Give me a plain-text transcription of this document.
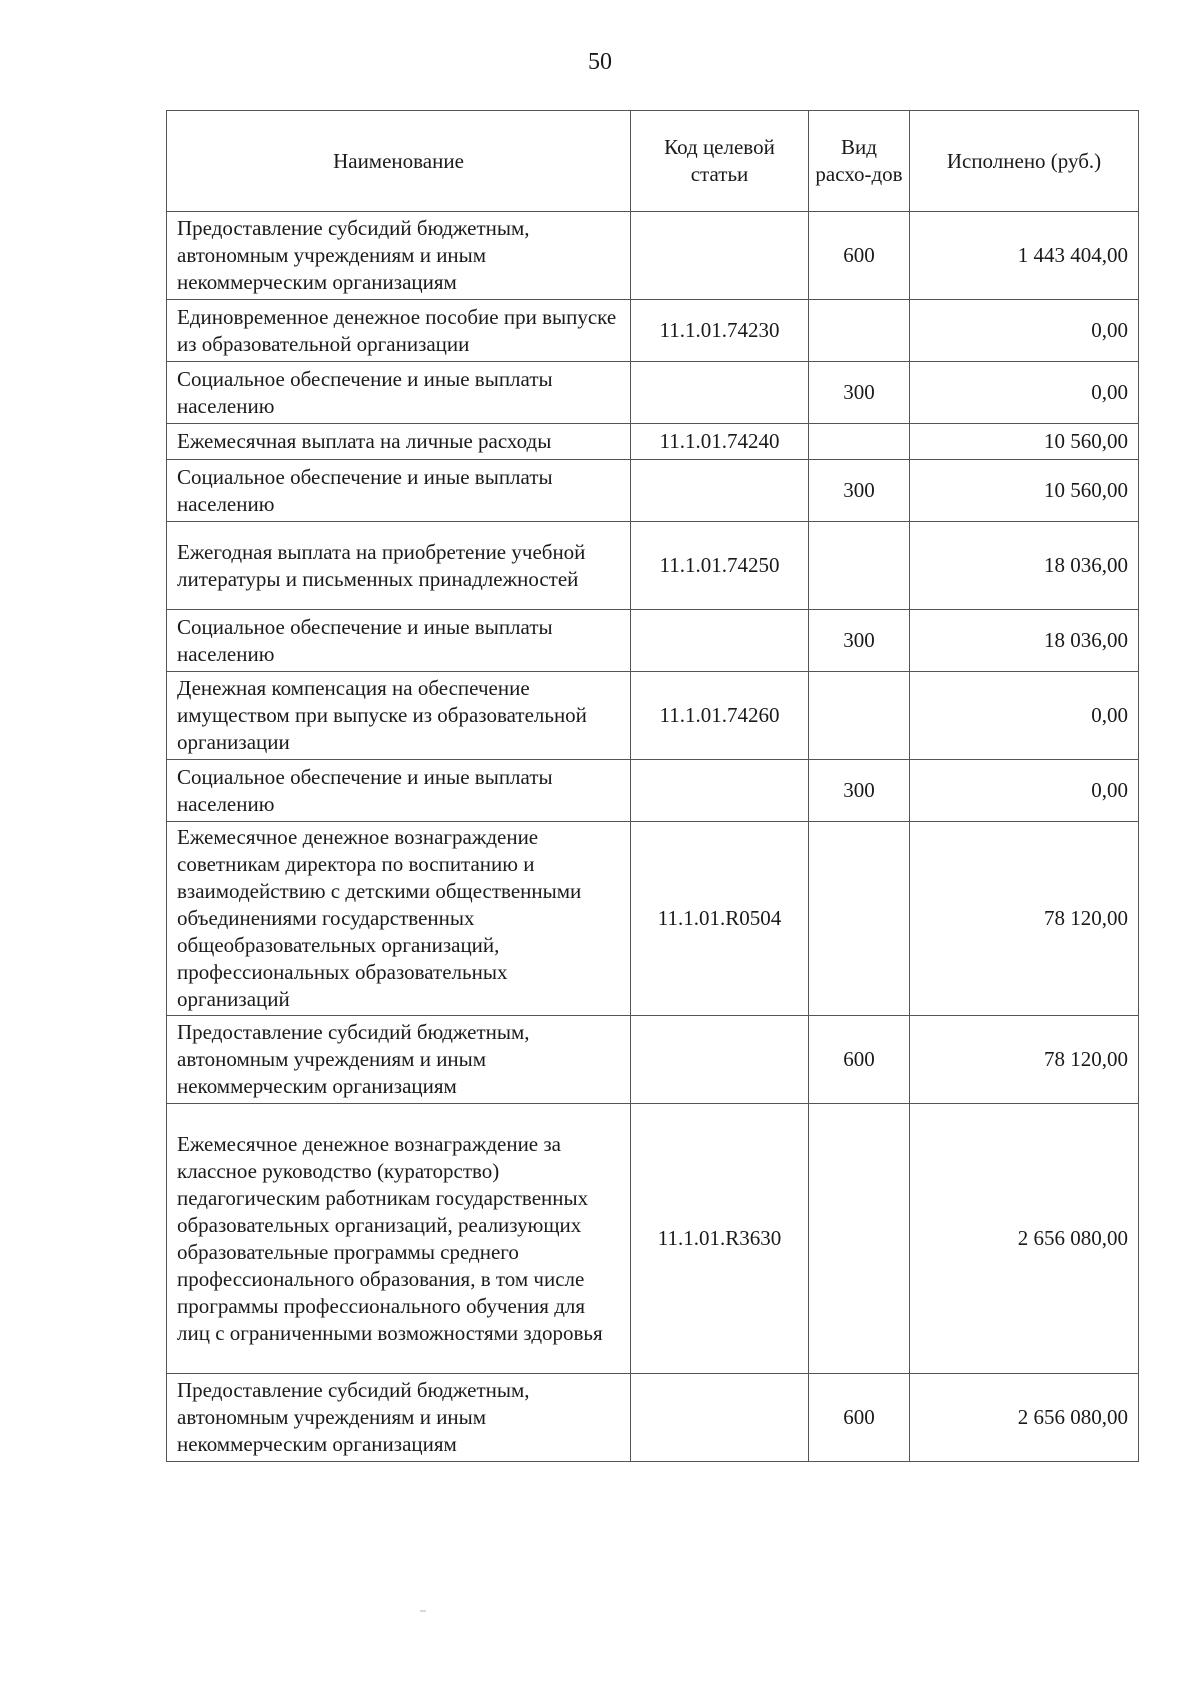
50
Наименование	Код целевой статьи	Вид расхо-дов	Исполнено (руб.)
Предоставление субсидий бюджетным, автономным учреждениям и иным некоммерческим организациям		600	1 443 404,00
Единовременное денежное пособие при выпуске из образовательной организации	11.1.01.74230		0,00
Социальное обеспечение и иные выплаты населению		300	0,00
Ежемесячная выплата на личные расходы	11.1.01.74240		10 560,00
Социальное обеспечение и иные выплаты населению		300	10 560,00
Ежегодная выплата на приобретение учебной литературы и письменных принадлежностей	11.1.01.74250		18 036,00
Социальное обеспечение и иные выплаты населению		300	18 036,00
Денежная компенсация на обеспечение имуществом при выпуске из образовательной организации	11.1.01.74260		0,00
Социальное обеспечение и иные выплаты населению		300	0,00
Ежемесячное денежное вознаграждение советникам директора по воспитанию и взаимодействию с детскими общественными объединениями государственных общеобразовательных организаций, профессиональных образовательных организаций	11.1.01.R0504		78 120,00
Предоставление субсидий бюджетным, автономным учреждениям и иным некоммерческим организациям		600	78 120,00
Ежемесячное денежное вознаграждение за классное руководство (кураторство) педагогическим работникам государственных образовательных организаций, реализующих образовательные программы среднего профессионального образования, в том числе программы профессионального обучения для лиц с ограниченными возможностями здоровья	11.1.01.R3630		2 656 080,00
Предоставление субсидий бюджетным, автономным учреждениям и иным некоммерческим организациям		600	2 656 080,00
